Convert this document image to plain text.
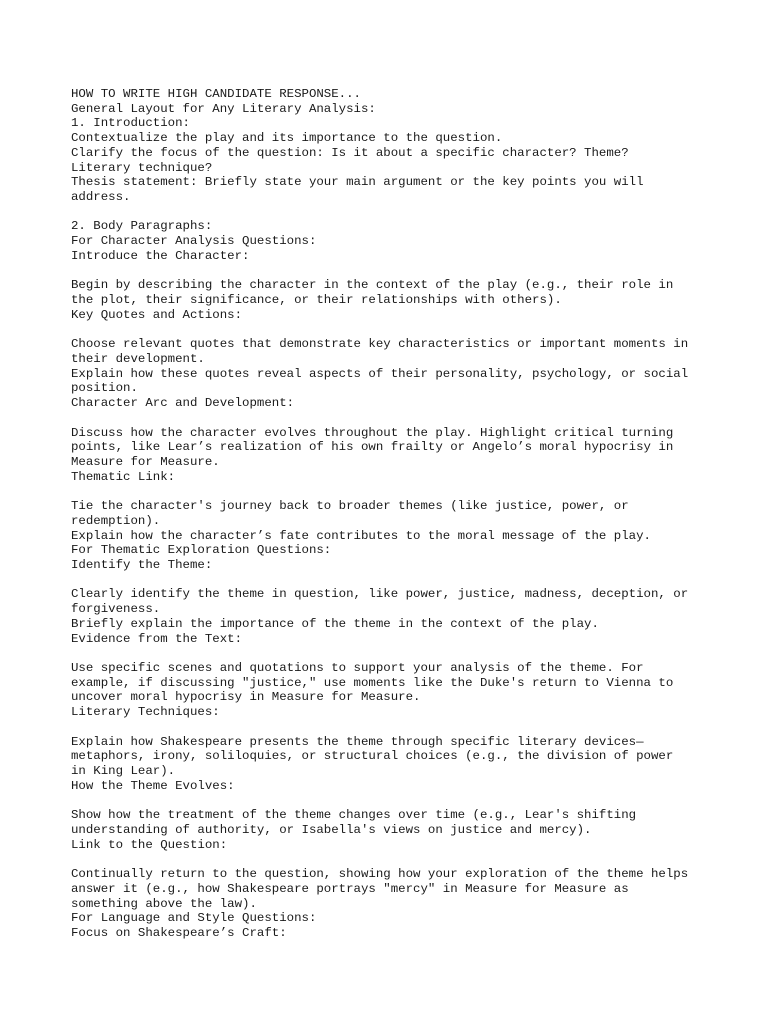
HOW TO WRITE HIGH CANDIDATE RESPONSE...
General Layout for Any Literary Analysis:
1. Introduction:
Contextualize the play and its importance to the question.
Clarify the focus of the question: Is it about a specific character? Theme?
Literary technique?
Thesis statement: Briefly state your main argument or the key points you will
address.
2. Body Paragraphs:
For Character Analysis Questions:
Introduce the Character:
Begin by describing the character in the context of the play (e.g., their role in
the plot, their significance, or their relationships with others).
Key Quotes and Actions:
Choose relevant quotes that demonstrate key characteristics or important moments in
their development.
Explain how these quotes reveal aspects of their personality, psychology, or social
position.
Character Arc and Development:
Discuss how the character evolves throughout the play. Highlight critical turning
points, like Lear’s realization of his own frailty or Angelo’s moral hypocrisy in
Measure for Measure.
Thematic Link:
Tie the character's journey back to broader themes (like justice, power, or
redemption).
Explain how the character’s fate contributes to the moral message of the play.
For Thematic Exploration Questions:
Identify the Theme:
Clearly identify the theme in question, like power, justice, madness, deception, or
forgiveness.
Briefly explain the importance of the theme in the context of the play.
Evidence from the Text:
Use specific scenes and quotations to support your analysis of the theme. For
example, if discussing "justice," use moments like the Duke's return to Vienna to
uncover moral hypocrisy in Measure for Measure.
Literary Techniques:
Explain how Shakespeare presents the theme through specific literary devices—
metaphors, irony, soliloquies, or structural choices (e.g., the division of power
in King Lear).
How the Theme Evolves:
Show how the treatment of the theme changes over time (e.g., Lear's shifting
understanding of authority, or Isabella's views on justice and mercy).
Link to the Question:
Continually return to the question, showing how your exploration of the theme helps
answer it (e.g., how Shakespeare portrays "mercy" in Measure for Measure as
something above the law).
For Language and Style Questions:
Focus on Shakespeare’s Craft:
